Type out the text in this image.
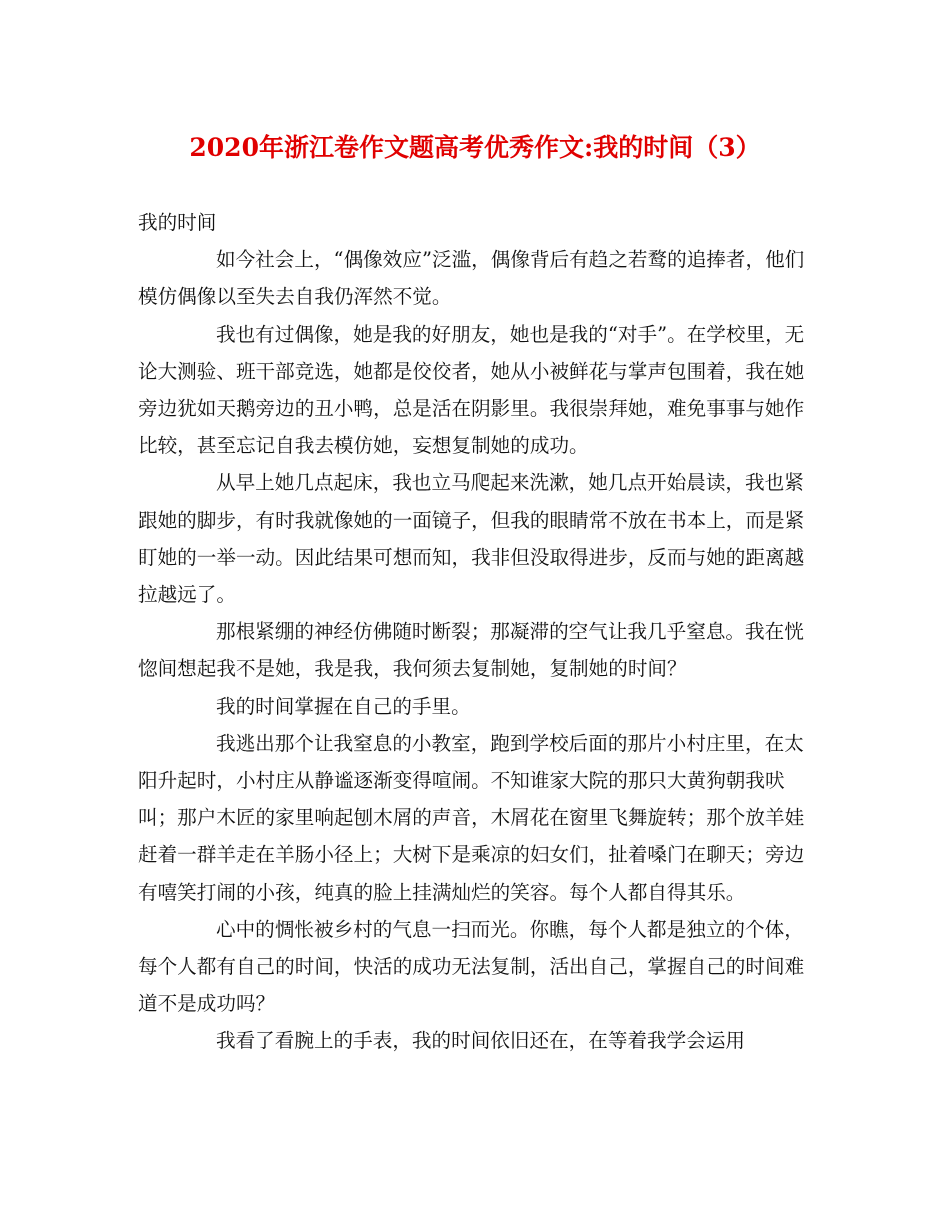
2020年浙江卷作文题高考优秀作文:我的时间（3）

我的时间

如今社会上，“偶像效应”泛滥，偶像背后有趋之若鹜的追捧者，他们模仿偶像以至失去自我仍浑然不觉。

我也有过偶像，她是我的好朋友，她也是我的“对手”。在学校里，无论大测验、班干部竞选，她都是佼佼者，她从小被鲜花与掌声包围着，我在她旁边犹如天鹅旁边的丑小鸭，总是活在阴影里。我很崇拜她，难免事事与她作比较，甚至忘记自我去模仿她，妄想复制她的成功。

从早上她几点起床，我也立马爬起来洗漱，她几点开始晨读，我也紧跟她的脚步，有时我就像她的一面镜子，但我的眼睛常不放在书本上，而是紧盯她的一举一动。因此结果可想而知，我非但没取得进步，反而与她的距离越拉越远了。

那根紧绷的神经仿佛随时断裂；那凝滞的空气让我几乎窒息。我在恍惚间想起我不是她，我是我，我何须去复制她，复制她的时间？

我的时间掌握在自己的手里。

我逃出那个让我窒息的小教室，跑到学校后面的那片小村庄里，在太阳升起时，小村庄从静谧逐渐变得喧闹。不知谁家大院的那只大黄狗朝我吠叫；那户木匠的家里响起刨木屑的声音，木屑花在窗里飞舞旋转；那个放羊娃赶着一群羊走在羊肠小径上；大树下是乘凉的妇女们，扯着嗓门在聊天；旁边有嘻笑打闹的小孩，纯真的脸上挂满灿烂的笑容。每个人都自得其乐。

心中的惆怅被乡村的气息一扫而光。你瞧，每个人都是独立的个体，每个人都有自己的时间，快活的成功无法复制，活出自己，掌握自己的时间难道不是成功吗？

我看了看腕上的手表，我的时间依旧还在，在等着我学会运用
